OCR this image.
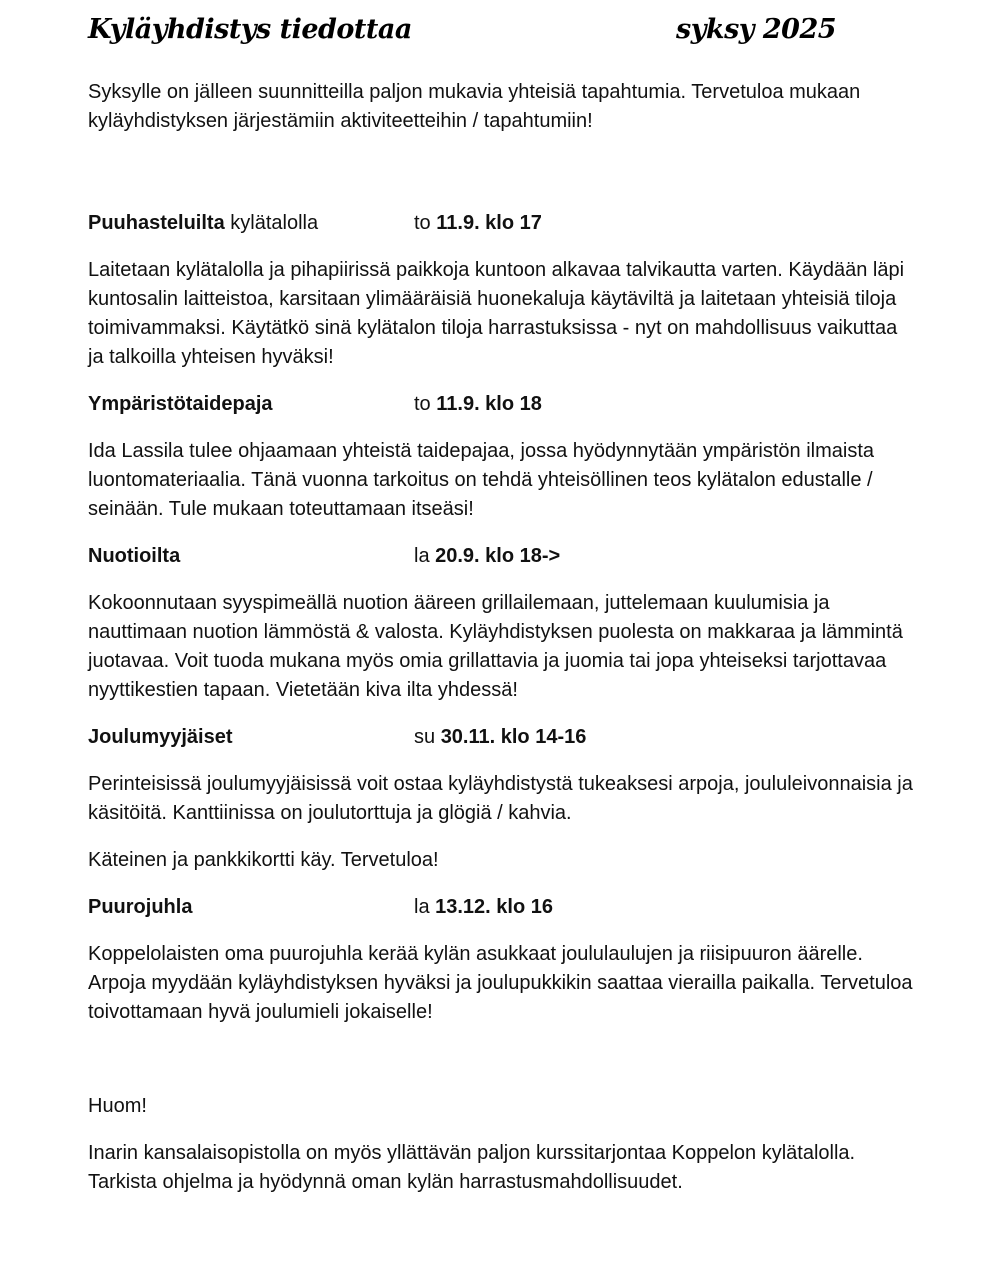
Kyläyhdistys tiedottaa	syksy 2025

Syksylle on jälleen suunnitteilla paljon mukavia yhteisiä tapahtumia. Tervetuloa mukaan kyläyhdistyksen järjestämiin aktiviteetteihin / tapahtumiin!

Puuhasteluilta kylätalolla	to 11.9. klo 17

Laitetaan kylätalolla ja pihapiirissä paikkoja kuntoon alkavaa talvikautta varten. Käydään läpi kuntosalin laitteistoa, karsitaan ylimääräisiä huonekaluja käytäviltä ja laitetaan yhteisiä tiloja toimivammaksi. Käytätkö sinä kylätalon tiloja harrastuksissa - nyt on mahdollisuus vaikuttaa ja talkoilla yhteisen hyväksi!

Ympäristötaidepaja	to 11.9. klo 18

Ida Lassila tulee ohjaamaan yhteistä taidepajaa, jossa hyödynnytään ympäristön ilmaista luontomateriaalia. Tänä vuonna tarkoitus on tehdä yhteisöllinen teos kylätalon edustalle / seinään. Tule mukaan toteuttamaan itseäsi!

Nuotioilta	la 20.9. klo 18->

Kokoonnutaan syyspimeällä nuotion ääreen grillailemaan, juttelemaan kuulumisia ja nauttimaan nuotion lämmöstä & valosta. Kyläyhdistyksen puolesta on makkaraa ja lämmintä juotavaa. Voit tuoda mukana myös omia grillattavia ja juomia tai jopa yhteiseksi tarjottavaa nyyttikestien tapaan. Vietetään kiva ilta yhdessä!

Joulumyyjäiset	su 30.11. klo 14-16

Perinteisissä joulumyyjäisissä voit ostaa kyläyhdistystä tukeaksesi arpoja, joululeivonnaisia ja käsitöitä. Kanttiinissa on joulutorttuja ja glögiä / kahvia.

Käteinen ja pankkikortti käy. Tervetuloa!

Puurojuhla	la 13.12. klo 16

Koppelolaisten oma puurojuhla kerää kylän asukkaat joululaulujen ja riisipuuron äärelle. Arpoja myydään kyläyhdistyksen hyväksi ja joulupukkikin saattaa vierailla paikalla. Tervetuloa toivottamaan hyvä joulumieli jokaiselle!

Huom!

Inarin kansalaisopistolla on myös yllättävän paljon kurssitarjontaa Koppelon kylätalolla. Tarkista ohjelma ja hyödynnä oman kylän harrastusmahdollisuudet.
